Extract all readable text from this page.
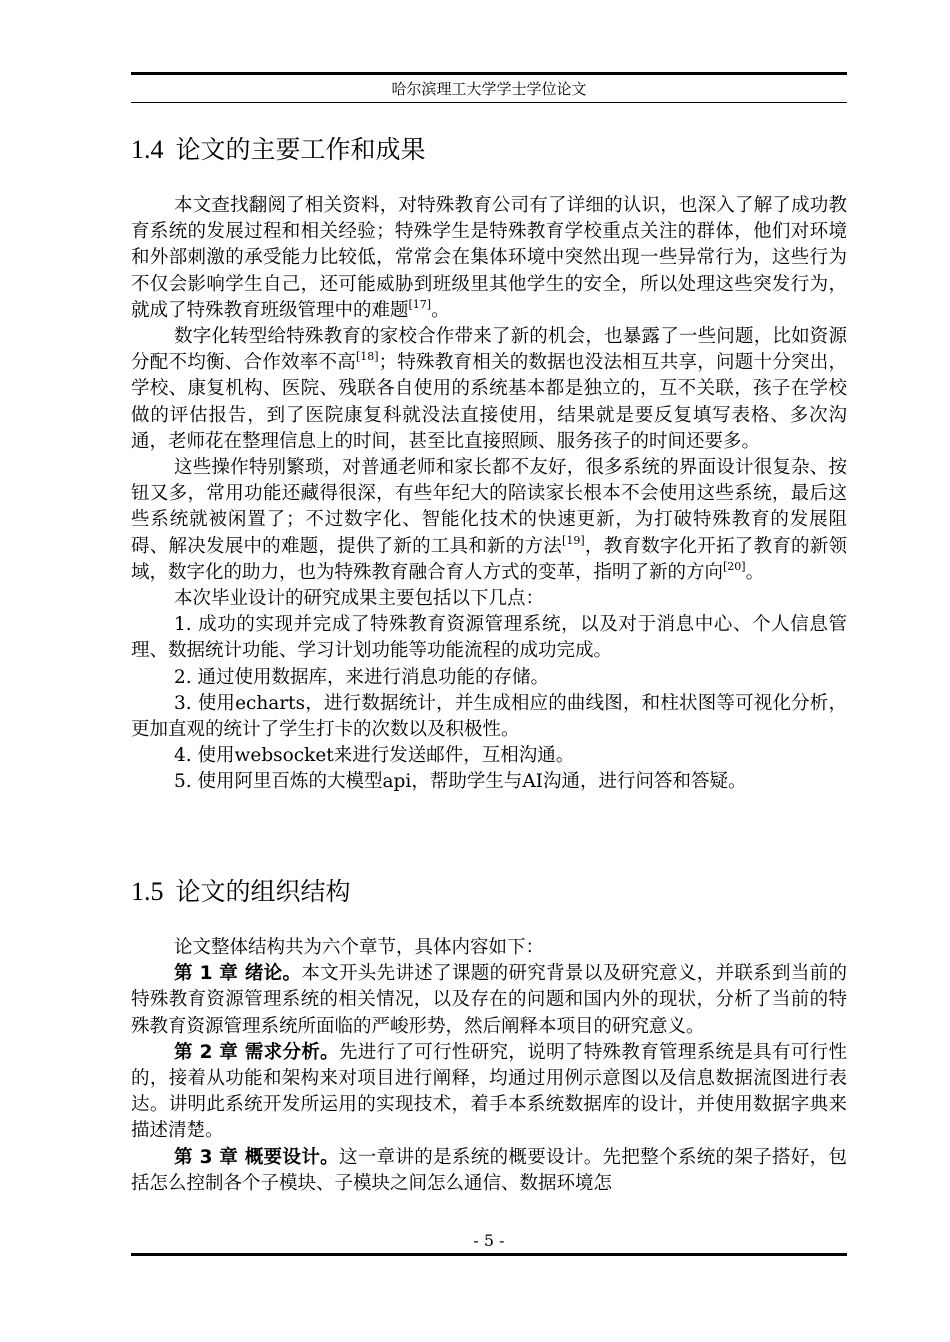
哈尔滨理工大学学士学位论文
1.4 论文的主要工作和成果

本文查找翻阅了相关资料，对特殊教育公司有了详细的认识，也深入了解了成功教育系统的发展过程和相关经验；特殊学生是特殊教育学校重点关注的群体，他们对环境和外部刺激的承受能力比较低，常常会在集体环境中突然出现一些异常行为，这些行为不仅会影响学生自己，还可能威胁到班级里其他学生的安全，所以处理这些突发行为，就成了特殊教育班级管理中的难题[17]。

数字化转型给特殊教育的家校合作带来了新的机会，也暴露了一些问题，比如资源分配不均衡、合作效率不高[18]；特殊教育相关的数据也没法相互共享，问题十分突出，学校、康复机构、医院、残联各自使用的系统基本都是独立的，互不关联，孩子在学校做的评估报告，到了医院康复科就没法直接使用，结果就是要反复填写表格、多次沟通，老师花在整理信息上的时间，甚至比直接照顾、服务孩子的时间还要多。

这些操作特别繁琐，对普通老师和家长都不友好，很多系统的界面设计很复杂、按钮又多，常用功能还藏得很深，有些年纪大的陪读家长根本不会使用这些系统，最后这些系统就被闲置了；不过数字化、智能化技术的快速更新，为打破特殊教育的发展阻碍、解决发展中的难题，提供了新的工具和新的方法[19]，教育数字化开拓了教育的新领域，数字化的助力，也为特殊教育融合育人方式的变革，指明了新的方向[20]。

本次毕业设计的研究成果主要包括以下几点：

1. 成功的实现并完成了特殊教育资源管理系统，以及对于消息中心、个人信息管理、数据统计功能、学习计划功能等功能流程的成功完成。

2. 通过使用数据库，来进行消息功能的存储。

3. 使用echarts，进行数据统计，并生成相应的曲线图，和柱状图等可视化分析，更加直观的统计了学生打卡的次数以及积极性。

4. 使用websocket来进行发送邮件，互相沟通。

5. 使用阿里百炼的大模型api，帮助学生与AI沟通，进行问答和答疑。

1.5 论文的组织结构

论文整体结构共为六个章节，具体内容如下：

第 1 章 绪论。本文开头先讲述了课题的研究背景以及研究意义，并联系到当前的特殊教育资源管理系统的相关情况，以及存在的问题和国内外的现状，分析了当前的特殊教育资源管理系统所面临的严峻形势，然后阐释本项目的研究意义。

第 2 章 需求分析。先进行了可行性研究，说明了特殊教育管理系统是具有可行性的，接着从功能和架构来对项目进行阐释，均通过用例示意图以及信息数据流图进行表达。讲明此系统开发所运用的实现技术，着手本系统数据库的设计，并使用数据字典来描述清楚。

第 3 章 概要设计。这一章讲的是系统的概要设计。先把整个系统的架子搭好，包括怎么控制各个子模块、子模块之间怎么通信、数据环境怎

- 5 -
